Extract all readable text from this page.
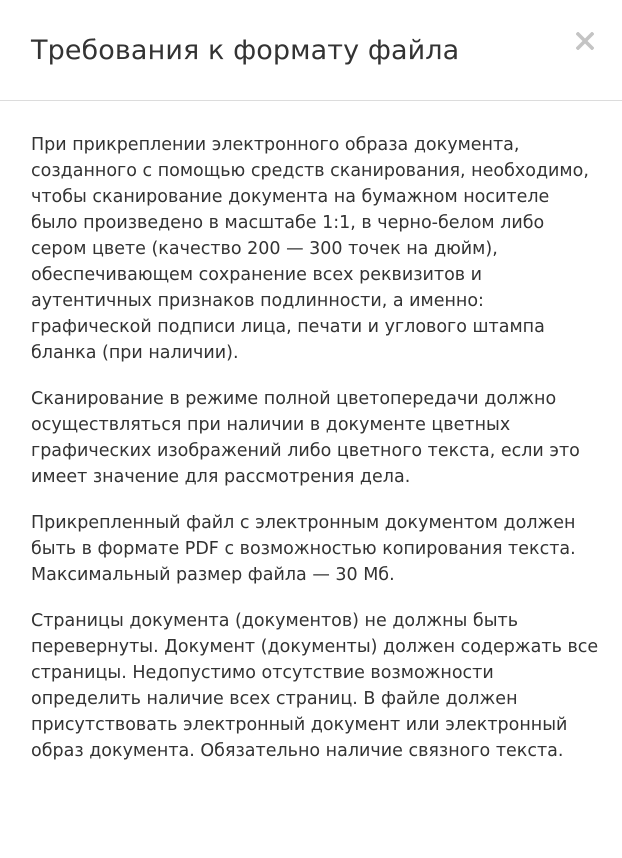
Требования к формату файла

При прикреплении электронного образа документа, созданного с помощью средств сканирования, необходимо, чтобы сканирование документа на бумажном носителе было произведено в масштабе 1:1, в черно-белом либо сером цвете (качество 200 — 300 точек на дюйм), обеспечивающем сохранение всех реквизитов и аутентичных признаков подлинности, а именно: графической подписи лица, печати и углового штампа бланка (при наличии).

Сканирование в режиме полной цветопередачи должно осуществляться при наличии в документе цветных графических изображений либо цветного текста, если это имеет значение для рассмотрения дела.

Прикрепленный файл с электронным документом должен быть в формате PDF с возможностью копирования текста. Максимальный размер файла — 30 Мб.

Страницы документа (документов) не должны быть перевернуты. Документ (документы) должен содержать все страницы. Недопустимо отсутствие возможности определить наличие всех страниц. В файле должен присутствовать электронный документ или электронный образ документа. Обязательно наличие связного текста.
